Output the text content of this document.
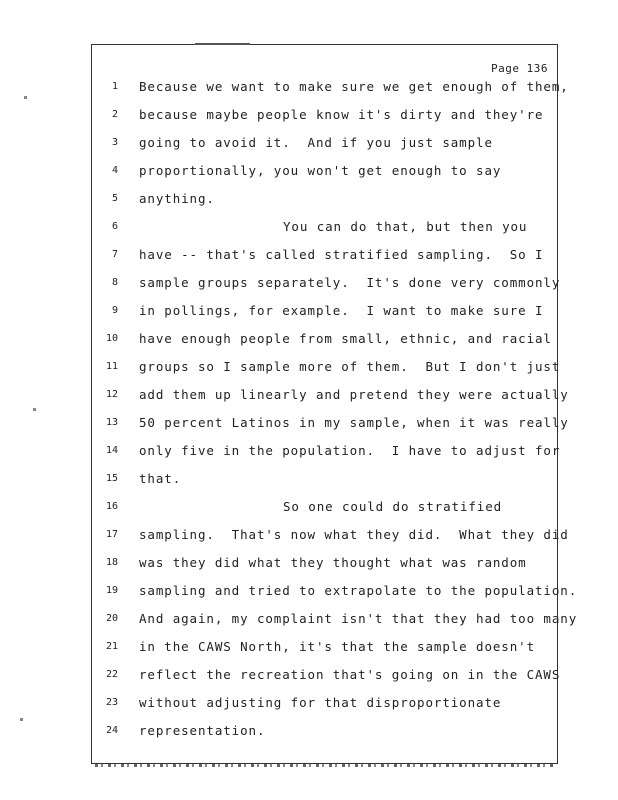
Page 136
1 Because we want to make sure we get enough of them,
2 because maybe people know it's dirty and they're
3 going to avoid it.  And if you just sample
4 proportionally, you won't get enough to say
5 anything.
6	You can do that, but then you
7 have -- that's called stratified sampling.  So I
8 sample groups separately.  It's done very commonly
9 in pollings, for example.  I want to make sure I
10 have enough people from small, ethnic, and racial
11 groups so I sample more of them.  But I don't just
12 add them up linearly and pretend they were actually
13 50 percent Latinos in my sample, when it was really
14 only five in the population.  I have to adjust for
15 that.
16	So one could do stratified
17 sampling.  That's now what they did.  What they did
18 was they did what they thought what was random
19 sampling and tried to extrapolate to the population.
20 And again, my complaint isn't that they had too many
21 in the CAWS North, it's that the sample doesn't
22 reflect the recreation that's going on in the CAWS
23 without adjusting for that disproportionate
24 representation.
